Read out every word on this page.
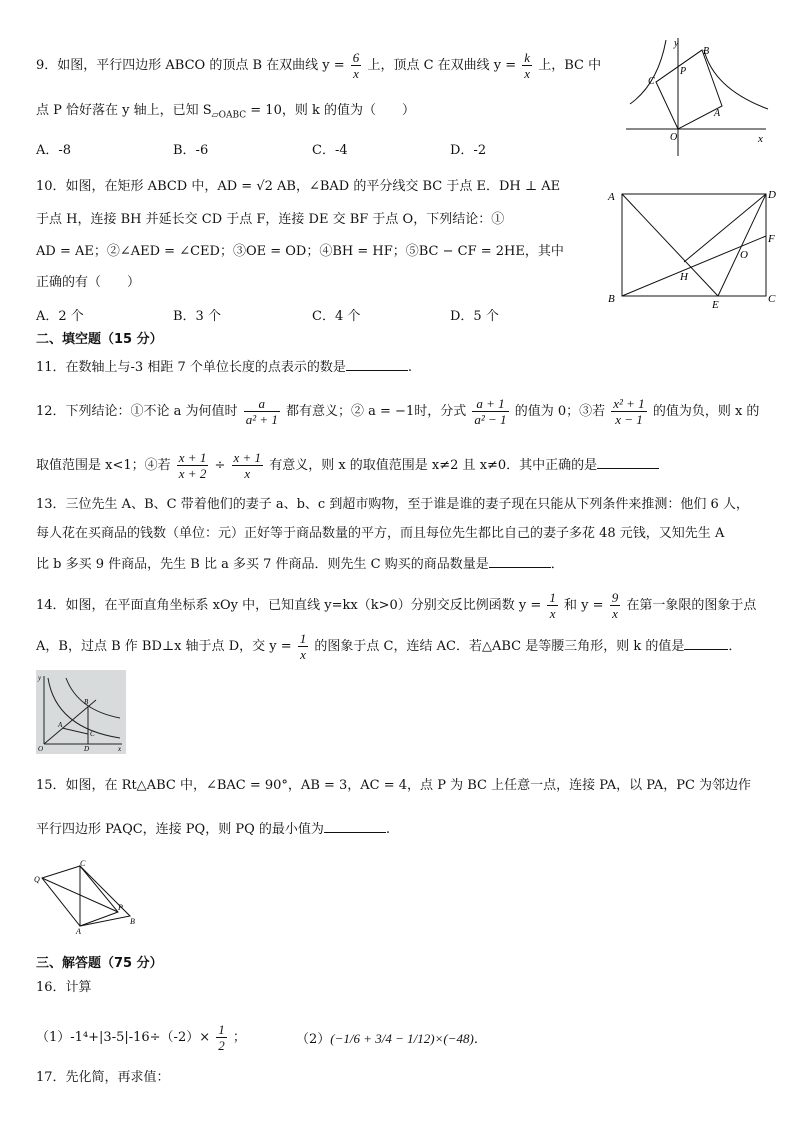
9．如图，平行四边形 ABCO 的顶点 B 在双曲线 $y = \frac{6}{x}$ 上，顶点 C 在双曲线 $y = \frac{k}{x}$ 上，BC 中
点 P 恰好落在 y 轴上，已知 $S_{▱OABC} = 10$，则 k 的值为（　　）
A．-8	B．-6	C．-4	D．-2
y
x
O
A
B
C
P
10．如图，在矩形 ABCD 中，AD = √2 AB，∠BAD 的平分线交 BC 于点 E．DH ⊥ AE
于点 H，连接 BH 并延长交 CD 于点 F，连接 DE 交 BF 于点 O，下列结论：①
AD = AE；②∠AED = ∠CED；③OE = OD；④BH = HF；⑤BC − CF = 2HE，其中
正确的有（　　）
A．2 个	B．3 个	C．4 个	D．5 个
A
B	C
D
E
F
H
O
二、填空题（15 分）
11．在数轴上与-3 相距 7 个单位长度的点表示的数是	.
12．下列结论：①不论 a 为何值时 $\frac{a}{\text{a² + 1}}$ 都有意义；② a = −1时，分式 $\frac{a + 1}{\text{a² − 1}}$ 的值为 0；③若 $\frac{\text{x² + 1}}{x - 1}$ 的值为负，则 x 的
取值范围是 x<1；④若 $\frac{x + 1}{x + 2} \div \frac{x + 1}{x}$ 有意义，则 x 的取值范围是 x≠2 且 x≠0．其中正确的是
13．三位先生 A、B、C 带着他们的妻子 a、b、c 到超市购物，至于谁是谁的妻子现在只能从下列条件来推测：他们 6 人，
每人花在买商品的钱数（单位：元）正好等于商品数量的平方，而且每位先生都比自己的妻子多花 48 元钱，又知先生 A
比 b 多买 9 件商品，先生 B 比 a 多买 7 件商品．则先生 C 购买的商品数量是	．
14．如图，在平面直角坐标系 xOy 中，已知直线 y=kx（k>0）分别交反比例函数 $y = \frac{1}{x}$ 和 $y = \frac{9}{x}$ 在第一象限的图象于点
A，B，过点 B 作 BD⊥x 轴于点 D，交 $y = \frac{1}{x}$ 的图象于点 C，连结 AC．若△ABC 是等腰三角形，则 k 的值是	．
y
x
O
A
B
C
D
15．如图，在 Rt△ABC 中，∠BAC = 90°，AB = 3，AC = 4，点 P 为 BC 上任意一点，连接 PA，以 PA，PC 为邻边作
平行四边形 PAQC，连接 PQ，则 PQ 的最小值为	.
C
Q
A
B
P
三、解答题（75 分）
16．计算
$(1)-1^4+|3-5|-16\div(-2)\times \frac{1}{2}$ ；	（2）(−1/6 + 3/4 − 1/12)×(−48)．
17．先化简，再求值：
